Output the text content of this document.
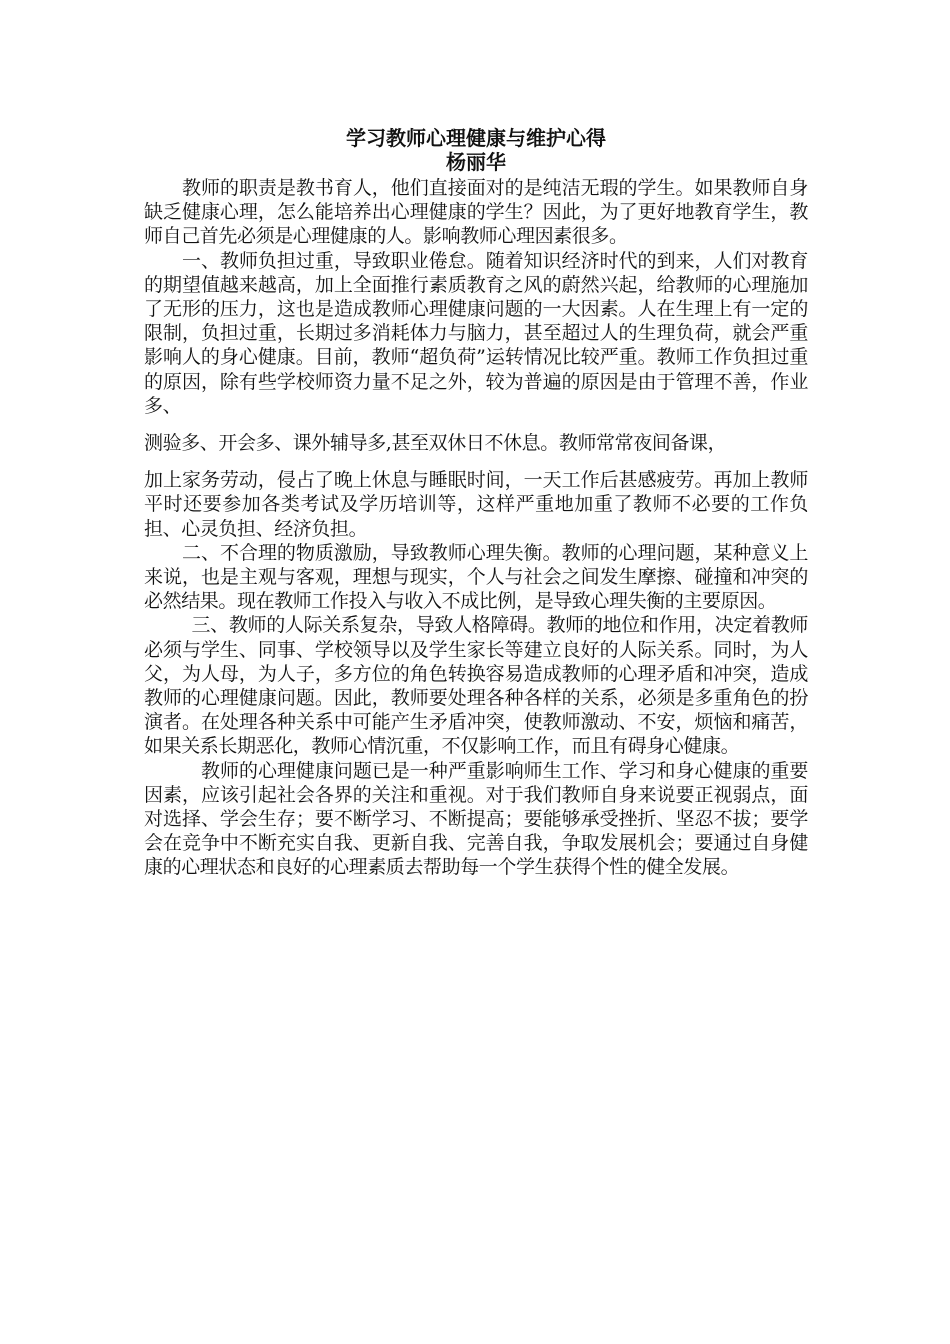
学习教师心理健康与维护心得
杨丽华

教师的职责是教书育人，他们直接面对的是纯洁无瑕的学生。如果教师自身缺乏健康心理，怎么能培养出心理健康的学生？因此，为了更好地教育学生，教师自己首先必须是心理健康的人。影响教师心理因素很多。

一、教师负担过重，导致职业倦怠。随着知识经济时代的到来，人们对教育的期望值越来越高，加上全面推行素质教育之风的蔚然兴起，给教师的心理施加了无形的压力，这也是造成教师心理健康问题的一大因素。人在生理上有一定的限制，负担过重，长期过多消耗体力与脑力，甚至超过人的生理负荷，就会严重影响人的身心健康。目前，教师“超负荷”运转情况比较严重。教师工作负担过重的原因，除有些学校师资力量不足之外，较为普遍的原因是由于管理不善，作业多、

测验多、开会多、课外辅导多,甚至双休日不休息。教师常常夜间备课，

加上家务劳动，侵占了晚上休息与睡眠时间，一天工作后甚感疲劳。再加上教师平时还要参加各类考试及学历培训等，这样严重地加重了教师不必要的工作负担、心灵负担、经济负担。

二、不合理的物质激励，导致教师心理失衡。教师的心理问题，某种意义上来说，也是主观与客观，理想与现实，个人与社会之间发生摩擦、碰撞和冲突的必然结果。现在教师工作投入与收入不成比例，是导致心理失衡的主要原因。

三、教师的人际关系复杂，导致人格障碍。教师的地位和作用，决定着教师必须与学生、同事、学校领导以及学生家长等建立良好的人际关系。同时，为人父，为人母，为人子，多方位的角色转换容易造成教师的心理矛盾和冲突，造成教师的心理健康问题。因此，教师要处理各种各样的关系，必须是多重角色的扮演者。在处理各种关系中可能产生矛盾冲突，使教师激动、不安，烦恼和痛苦，如果关系长期恶化，教师心情沉重，不仅影响工作，而且有碍身心健康。

教师的心理健康问题已是一种严重影响师生工作、学习和身心健康的重要因素，应该引起社会各界的关注和重视。对于我们教师自身来说要正视弱点，面对选择、学会生存；要不断学习、不断提高；要能够承受挫折、坚忍不拔；要学会在竞争中不断充实自我、更新自我、完善自我，争取发展机会；要通过自身健康的心理状态和良好的心理素质去帮助每一个学生获得个性的健全发展。
